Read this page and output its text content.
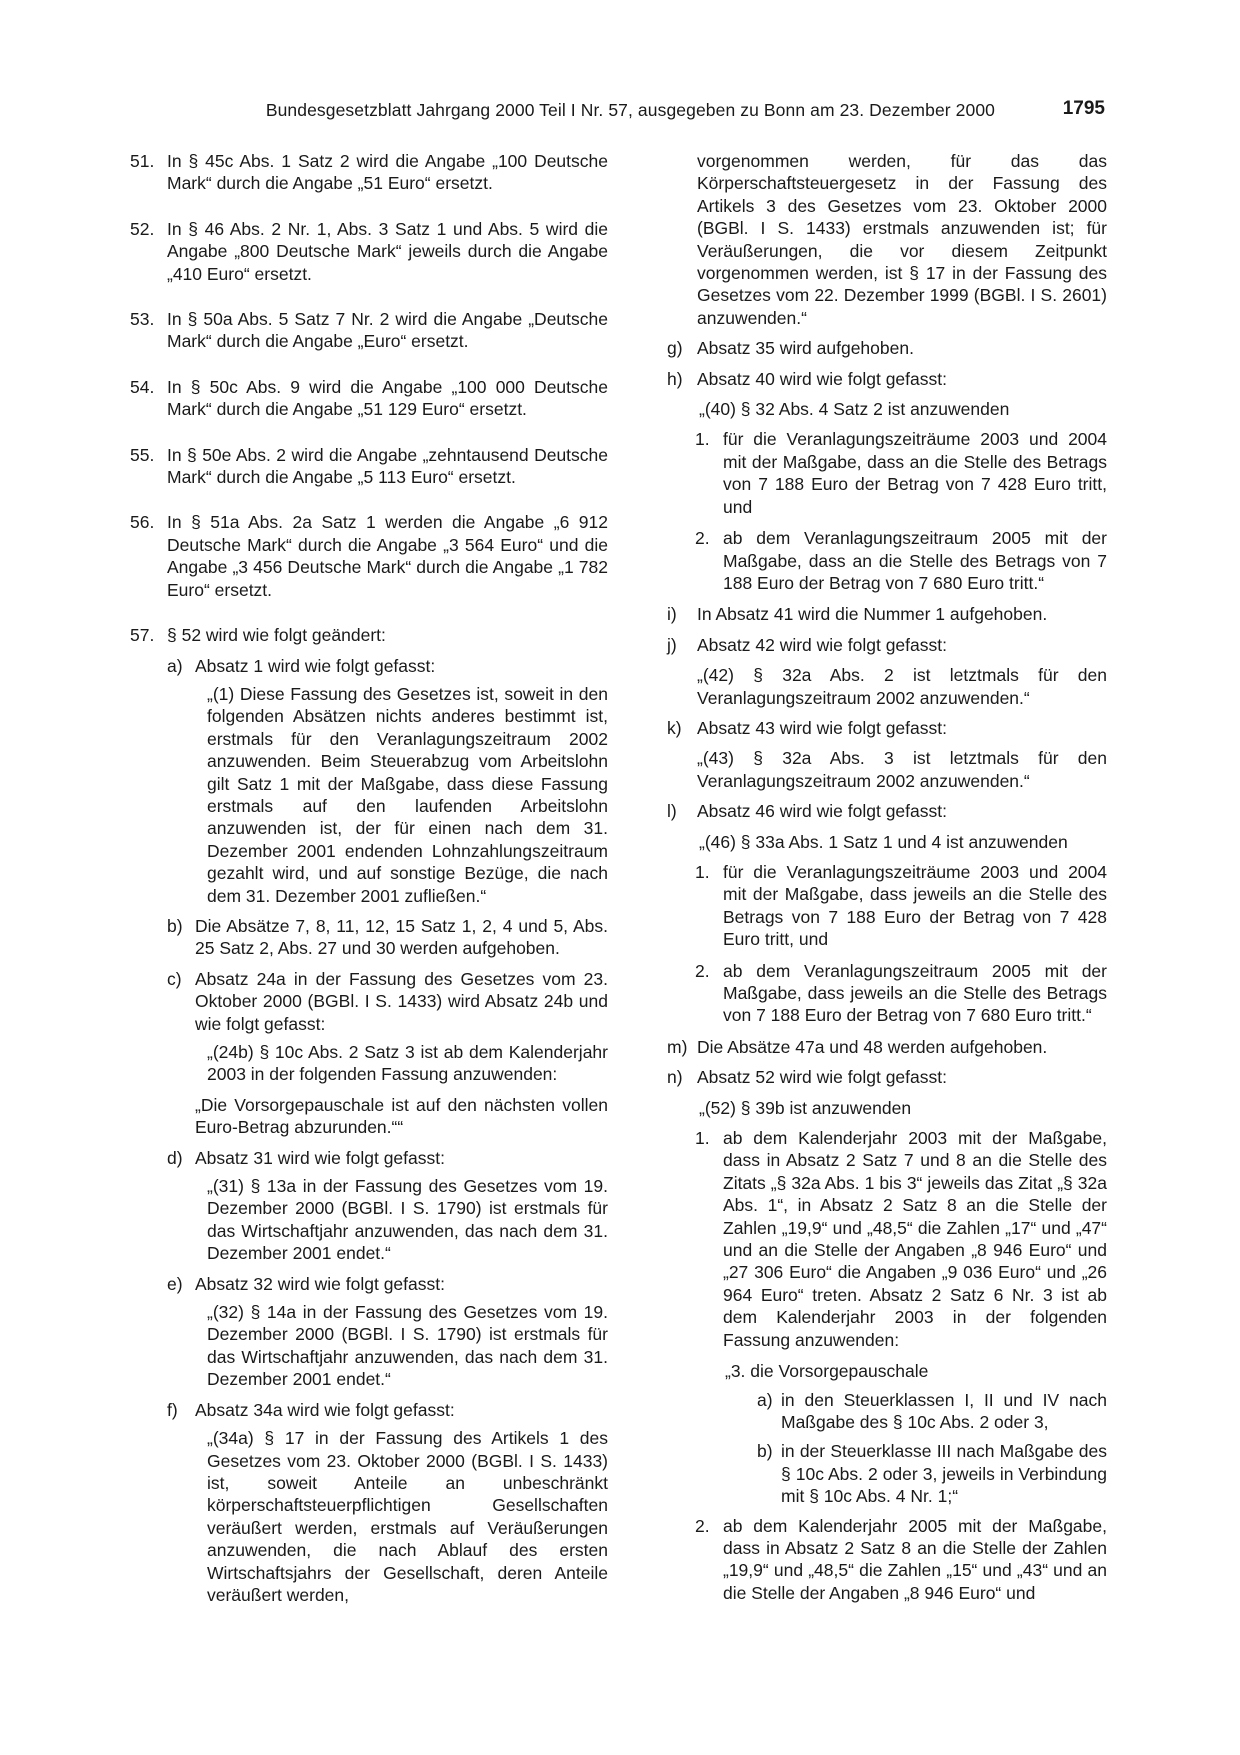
Bundesgesetzblatt Jahrgang 2000 Teil I Nr. 57, ausgegeben zu Bonn am 23. Dezember 2000	1795
51. In § 45c Abs. 1 Satz 2 wird die Angabe „100 Deutsche Mark“ durch die Angabe „51 Euro“ ersetzt.
52. In § 46 Abs. 2 Nr. 1, Abs. 3 Satz 1 und Abs. 5 wird die Angabe „800 Deutsche Mark“ jeweils durch die Angabe „410 Euro“ ersetzt.
53. In § 50a Abs. 5 Satz 7 Nr. 2 wird die Angabe „Deutsche Mark“ durch die Angabe „Euro“ ersetzt.
54. In § 50c Abs. 9 wird die Angabe „100 000 Deutsche Mark“ durch die Angabe „51 129 Euro“ ersetzt.
55. In § 50e Abs. 2 wird die Angabe „zehntausend Deutsche Mark“ durch die Angabe „5 113 Euro“ ersetzt.
56. In § 51a Abs. 2a Satz 1 werden die Angabe „6 912 Deutsche Mark“ durch die Angabe „3 564 Euro“ und die Angabe „3 456 Deutsche Mark“ durch die Angabe „1 782 Euro“ ersetzt.
57. § 52 wird wie folgt geändert:
a) Absatz 1 wird wie folgt gefasst:
„(1) Diese Fassung des Gesetzes ist, soweit in den folgenden Absätzen nichts anderes bestimmt ist, erstmals für den Veranlagungszeitraum 2002 anzuwenden. Beim Steuerabzug vom Arbeitslohn gilt Satz 1 mit der Maßgabe, dass diese Fassung erstmals auf den laufenden Arbeitslohn anzuwenden ist, der für einen nach dem 31. Dezember 2001 endenden Lohnzahlungszeitraum gezahlt wird, und auf sonstige Bezüge, die nach dem 31. Dezember 2001 zufließen.“
b) Die Absätze 7, 8, 11, 12, 15 Satz 1, 2, 4 und 5, Abs. 25 Satz 2, Abs. 27 und 30 werden aufgehoben.
c) Absatz 24a in der Fassung des Gesetzes vom 23. Oktober 2000 (BGBl. I S. 1433) wird Absatz 24b und wie folgt gefasst:
„(24b) § 10c Abs. 2 Satz 3 ist ab dem Kalenderjahr 2003 in der folgenden Fassung anzuwenden:
„Die Vorsorgepauschale ist auf den nächsten vollen Euro-Betrag abzurunden.““
d) Absatz 31 wird wie folgt gefasst:
„(31) § 13a in der Fassung des Gesetzes vom 19. Dezember 2000 (BGBl. I S. 1790) ist erstmals für das Wirtschaftjahr anzuwenden, das nach dem 31. Dezember 2001 endet.“
e) Absatz 32 wird wie folgt gefasst:
„(32) § 14a in der Fassung des Gesetzes vom 19. Dezember 2000 (BGBl. I S. 1790) ist erstmals für das Wirtschaftjahr anzuwenden, das nach dem 31. Dezember 2001 endet.“
f) Absatz 34a wird wie folgt gefasst:
„(34a) § 17 in der Fassung des Artikels 1 des Gesetzes vom 23. Oktober 2000 (BGBl. I S. 1433) ist, soweit Anteile an unbeschränkt körperschaftsteuerpflichtigen Gesellschaften veräußert werden, erstmals auf Veräußerungen anzuwenden, die nach Ablauf des ersten Wirtschaftsjahrs der Gesellschaft, deren Anteile veräußert werden,
vorgenommen werden, für das das Körperschaftsteuergesetz in der Fassung des Artikels 3 des Gesetzes vom 23. Oktober 2000 (BGBl. I S. 1433) erstmals anzuwenden ist; für Veräußerungen, die vor diesem Zeitpunkt vorgenommen werden, ist § 17 in der Fassung des Gesetzes vom 22. Dezember 1999 (BGBl. I S. 2601) anzuwenden.“
g) Absatz 35 wird aufgehoben.
h) Absatz 40 wird wie folgt gefasst:
„(40) § 32 Abs. 4 Satz 2 ist anzuwenden
1. für die Veranlagungszeiträume 2003 und 2004 mit der Maßgabe, dass an die Stelle des Betrags von 7 188 Euro der Betrag von 7 428 Euro tritt, und
2. ab dem Veranlagungszeitraum 2005 mit der Maßgabe, dass an die Stelle des Betrags von 7 188 Euro der Betrag von 7 680 Euro tritt.“
i) In Absatz 41 wird die Nummer 1 aufgehoben.
j) Absatz 42 wird wie folgt gefasst:
„(42) § 32a Abs. 2 ist letztmals für den Veranlagungszeitraum 2002 anzuwenden.“
k) Absatz 43 wird wie folgt gefasst:
„(43) § 32a Abs. 3 ist letztmals für den Veranlagungszeitraum 2002 anzuwenden.“
l) Absatz 46 wird wie folgt gefasst:
„(46) § 33a Abs. 1 Satz 1 und 4 ist anzuwenden
1. für die Veranlagungszeiträume 2003 und 2004 mit der Maßgabe, dass jeweils an die Stelle des Betrags von 7 188 Euro der Betrag von 7 428 Euro tritt, und
2. ab dem Veranlagungszeitraum 2005 mit der Maßgabe, dass jeweils an die Stelle des Betrags von 7 188 Euro der Betrag von 7 680 Euro tritt.“
m) Die Absätze 47a und 48 werden aufgehoben.
n) Absatz 52 wird wie folgt gefasst:
„(52) § 39b ist anzuwenden
1. ab dem Kalenderjahr 2003 mit der Maßgabe, dass in Absatz 2 Satz 7 und 8 an die Stelle des Zitats „§ 32a Abs. 1 bis 3“ jeweils das Zitat „§ 32a Abs. 1“, in Absatz 2 Satz 8 an die Stelle der Zahlen „19,9“ und „48,5“ die Zahlen „17“ und „47“ und an die Stelle der Angaben „8 946 Euro“ und „27 306 Euro“ die Angaben „9 036 Euro“ und „26 964 Euro“ treten. Absatz 2 Satz 6 Nr. 3 ist ab dem Kalenderjahr 2003 in der folgenden Fassung anzuwenden:
„3. die Vorsorgepauschale
a) in den Steuerklassen I, II und IV nach Maßgabe des § 10c Abs. 2 oder 3,
b) in der Steuerklasse III nach Maßgabe des § 10c Abs. 2 oder 3, jeweils in Verbindung mit § 10c Abs. 4 Nr. 1;“
2. ab dem Kalenderjahr 2005 mit der Maßgabe, dass in Absatz 2 Satz 8 an die Stelle der Zahlen „19,9“ und „48,5“ die Zahlen „15“ und „43“ und an die Stelle der Angaben „8 946 Euro“ und
